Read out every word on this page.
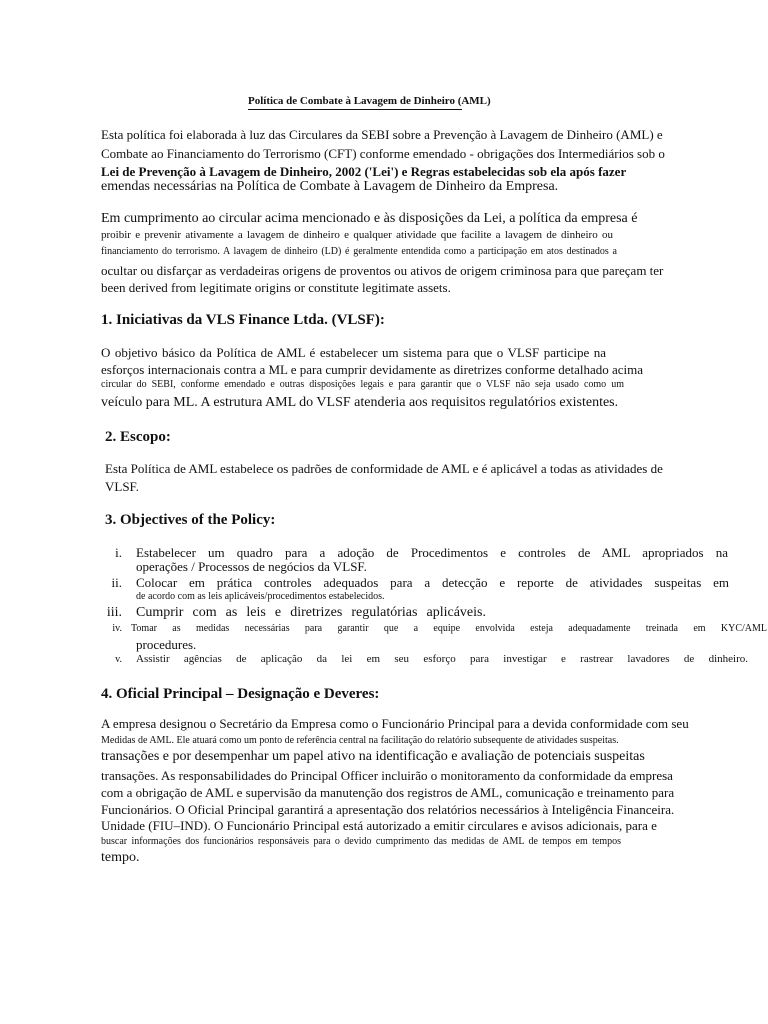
Política de Combate à Lavagem de Dinheiro (AML)
Esta política foi elaborada à luz das Circulares da SEBI sobre a Prevenção à Lavagem de Dinheiro (AML) e
Combate ao Financiamento do Terrorismo (CFT) conforme emendado - obrigações dos Intermediários sob o
Lei de Prevenção à Lavagem de Dinheiro, 2002 ('Lei') e Regras estabelecidas sob ela após fazer
emendas necessárias na Política de Combate à Lavagem de Dinheiro da Empresa.
Em cumprimento ao circular acima mencionado e às disposições da Lei, a política da empresa é
proibir e prevenir ativamente a lavagem de dinheiro e qualquer atividade que facilite a lavagem de dinheiro ou
financiamento do terrorismo. A lavagem de dinheiro (LD) é geralmente entendida como a participação em atos destinados a
ocultar ou disfarçar as verdadeiras origens de proventos ou ativos de origem criminosa para que pareçam ter
been derived from legitimate origins or constitute legitimate assets.
1. Iniciativas da VLS Finance Ltda. (VLSF):
O objetivo básico da Política de AML é estabelecer um sistema para que o VLSF participe na
esforços internacionais contra a ML e para cumprir devidamente as diretrizes conforme detalhado acima
circular do SEBI, conforme emendado e outras disposições legais e para garantir que o VLSF não seja usado como um
veículo para ML. A estrutura AML do VLSF atenderia aos requisitos regulatórios existentes.
2. Escopo:
Esta Política de AML estabelece os padrões de conformidade de AML e é aplicável a todas as atividades de
VLSF.
3. Objectives of the Policy:
i. Estabelecer um quadro para a adoção de Procedimentos e controles de AML apropriados na
operações / Processos de negócios da VLSF.
ii. Colocar em prática controles adequados para a detecção e reporte de atividades suspeitas em
de acordo com as leis aplicáveis/procedimentos estabelecidos.
iii. Cumprir com as leis e diretrizes regulatórias aplicáveis.
iv. Tomar as medidas necessárias para garantir que a equipe envolvida esteja adequadamente treinada em KYC/AML
procedures.
v. Assistir agências de aplicação da lei em seu esforço para investigar e rastrear lavadores de dinheiro.
4. Oficial Principal – Designação e Deveres:
A empresa designou o Secretário da Empresa como o Funcionário Principal para a devida conformidade com seu
Medidas de AML. Ele atuará como um ponto de referência central na facilitação do relatório subsequente de atividades suspeitas.
transações e por desempenhar um papel ativo na identificação e avaliação de potenciais suspeitas
transações. As responsabilidades do Principal Officer incluirão o monitoramento da conformidade da empresa
com a obrigação de AML e supervisão da manutenção dos registros de AML, comunicação e treinamento para
Funcionários. O Oficial Principal garantirá a apresentação dos relatórios necessários à Inteligência Financeira.
Unidade (FIU–IND). O Funcionário Principal está autorizado a emitir circulares e avisos adicionais, para e
buscar informações dos funcionários responsáveis para o devido cumprimento das medidas de AML de tempos em tempos
tempo.
